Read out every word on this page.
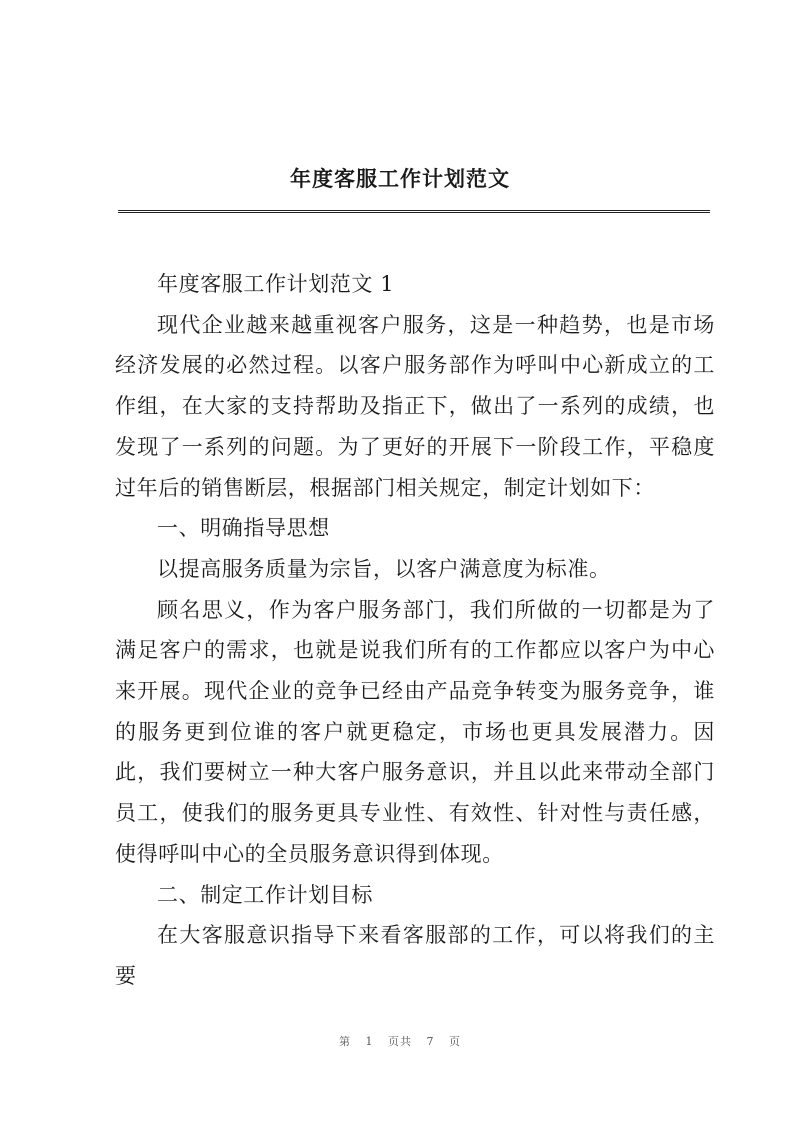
年度客服工作计划范文

年度客服工作计划范文 1

现代企业越来越重视客户服务，这是一种趋势，也是市场经济发展的必然过程。以客户服务部作为呼叫中心新成立的工作组，在大家的支持帮助及指正下，做出了一系列的成绩，也发现了一系列的问题。为了更好的开展下一阶段工作，平稳度过年后的销售断层，根据部门相关规定，制定计划如下：

一、明确指导思想

以提高服务质量为宗旨，以客户满意度为标准。

顾名思义，作为客户服务部门，我们所做的一切都是为了满足客户的需求，也就是说我们所有的工作都应以客户为中心来开展。现代企业的竞争已经由产品竞争转变为服务竞争，谁的服务更到位谁的客户就更稳定，市场也更具发展潜力。因此，我们要树立一种大客户服务意识，并且以此来带动全部门员工，使我们的服务更具专业性、有效性、针对性与责任感，使得呼叫中心的全员服务意识得到体现。

二、制定工作计划目标

在大客服意识指导下来看客服部的工作，可以将我们的主要

第 1 页共 7 页
